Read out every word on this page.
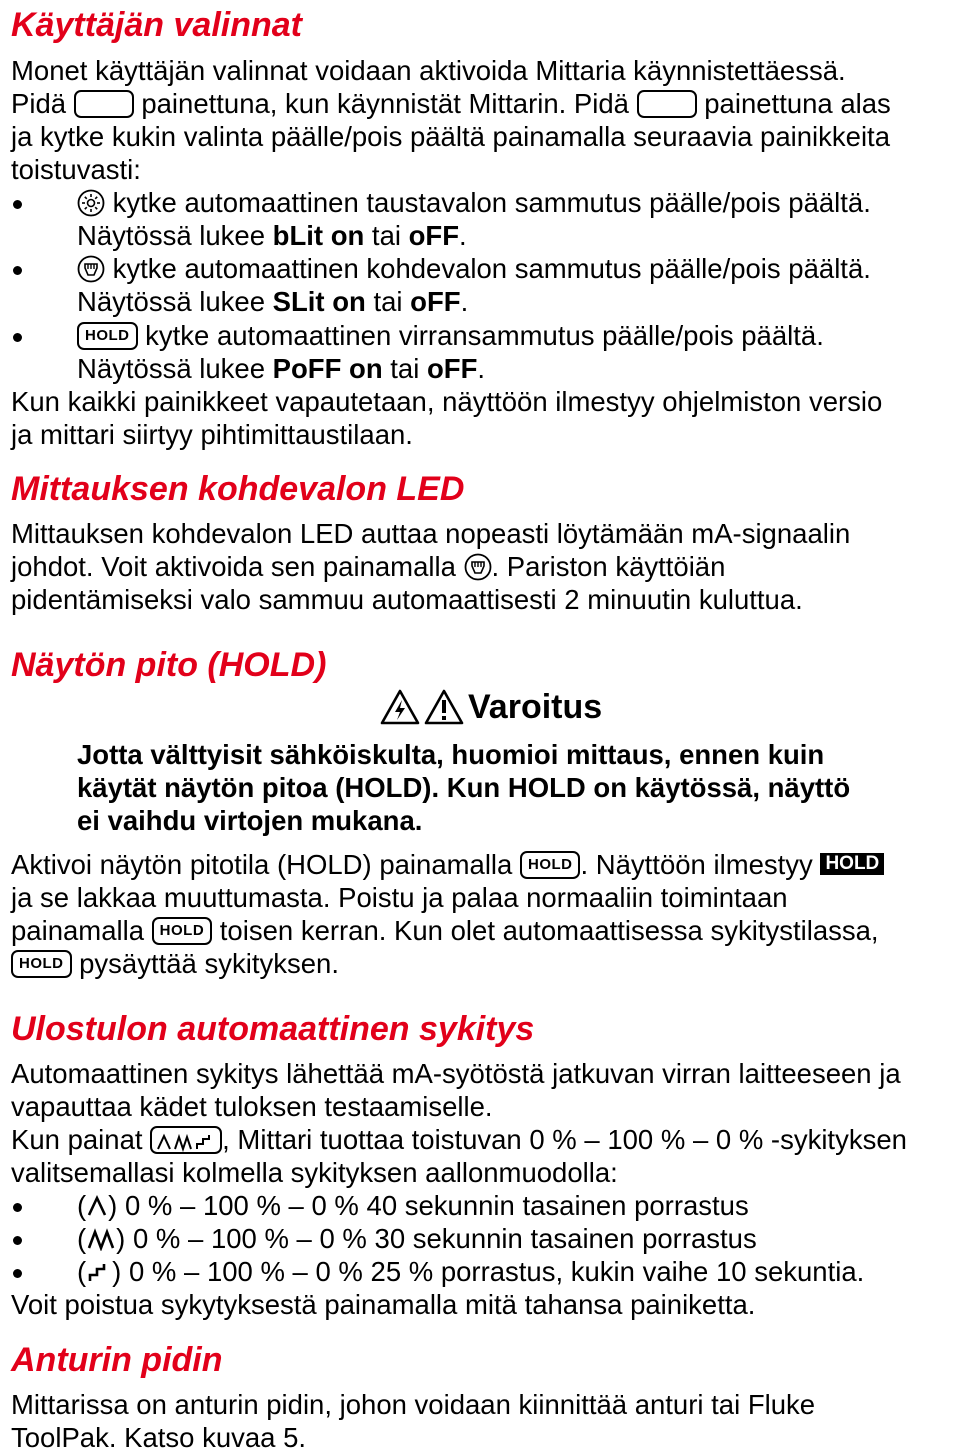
Käyttäjän valinnat
Monet käyttäjän valinnat voidaan aktivoida Mittaria käynnistettäessä.
Pidä	painettuna, kun käynnistät Mittarin. Pidä	painettuna alas
ja kytke kukin valinta päälle/pois päältä painamalla seuraavia painikkeita
toistuvasti:
kytke automaattinen taustavalon sammutus päälle/pois päältä.
Näytössä lukee bLit on tai oFF.
kytke automaattinen kohdevalon sammutus päälle/pois päältä.
Näytössä lukee SLit on tai oFF.
HOLD kytke automaattinen virransammutus päälle/pois päältä.
Näytössä lukee PoFF on tai oFF.
Kun kaikki painikkeet vapautetaan, näyttöön ilmestyy ohjelmiston versio
ja mittari siirtyy pihtimittaustilaan.
Mittauksen kohdevalon LED
Mittauksen kohdevalon LED auttaa nopeasti löytämään mA-signaalin
johdot. Voit aktivoida sen painamalla . Pariston käyttöiän
pidentämiseksi valo sammuu automaattisesti 2 minuutin kuluttua.
Näytön pito (HOLD)
Varoitus
Jotta välttyisit sähköiskulta, huomioi mittaus, ennen kuin
käytät näytön pitoa (HOLD). Kun HOLD on käytössä, näyttö
ei vaihdu virtojen mukana.
Aktivoi näytön pitotila (HOLD) painamalla HOLD . Näyttöön ilmestyy HOLD
ja se lakkaa muuttumasta. Poistu ja palaa normaaliin toimintaan
painamalla HOLD toisen kerran. Kun olet automaattisessa sykitystilassa,
HOLD pysäyttää sykityksen.
Ulostulon automaattinen sykitys
Automaattinen sykitys lähettää mA-syötöstä jatkuvan virran laitteeseen ja
vapauttaa kädet tuloksen testaamiselle.
Kun painat	, Mittari tuottaa toistuvan 0 % – 100 % – 0 % -sykityksen
valitsemallasi kolmella sykityksen aallonmuodolla:
( ) 0 % – 100 % – 0 % 40 sekunnin tasainen porrastus
( ) 0 % – 100 % – 0 % 30 sekunnin tasainen porrastus
( ) 0 % – 100 % – 0 % 25 % porrastus, kukin vaihe 10 sekuntia.
Voit poistua sykytyksestä painamalla mitä tahansa painiketta.
Anturin pidin
Mittarissa on anturin pidin, johon voidaan kiinnittää anturi tai Fluke
ToolPak. Katso kuvaa 5.
